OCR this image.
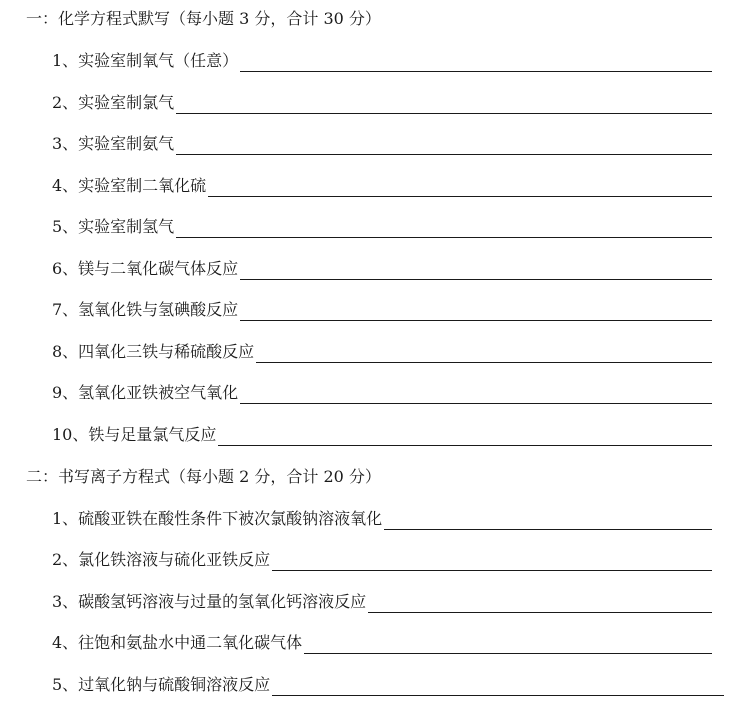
一：化学方程式默写（每小题 3 分，合计 30 分）
1、实验室制氧气（任意）
2、实验室制氯气
3、实验室制氨气
4、实验室制二氧化硫
5、实验室制氢气
6、镁与二氧化碳气体反应
7、氢氧化铁与氢碘酸反应
8、四氧化三铁与稀硫酸反应
9、氢氧化亚铁被空气氧化
10、铁与足量氯气反应
二：书写离子方程式（每小题 2 分，合计 20 分）
1、硫酸亚铁在酸性条件下被次氯酸钠溶液氧化
2、氯化铁溶液与硫化亚铁反应
3、碳酸氢钙溶液与过量的氢氧化钙溶液反应
4、往饱和氨盐水中通二氧化碳气体
5、过氧化钠与硫酸铜溶液反应
